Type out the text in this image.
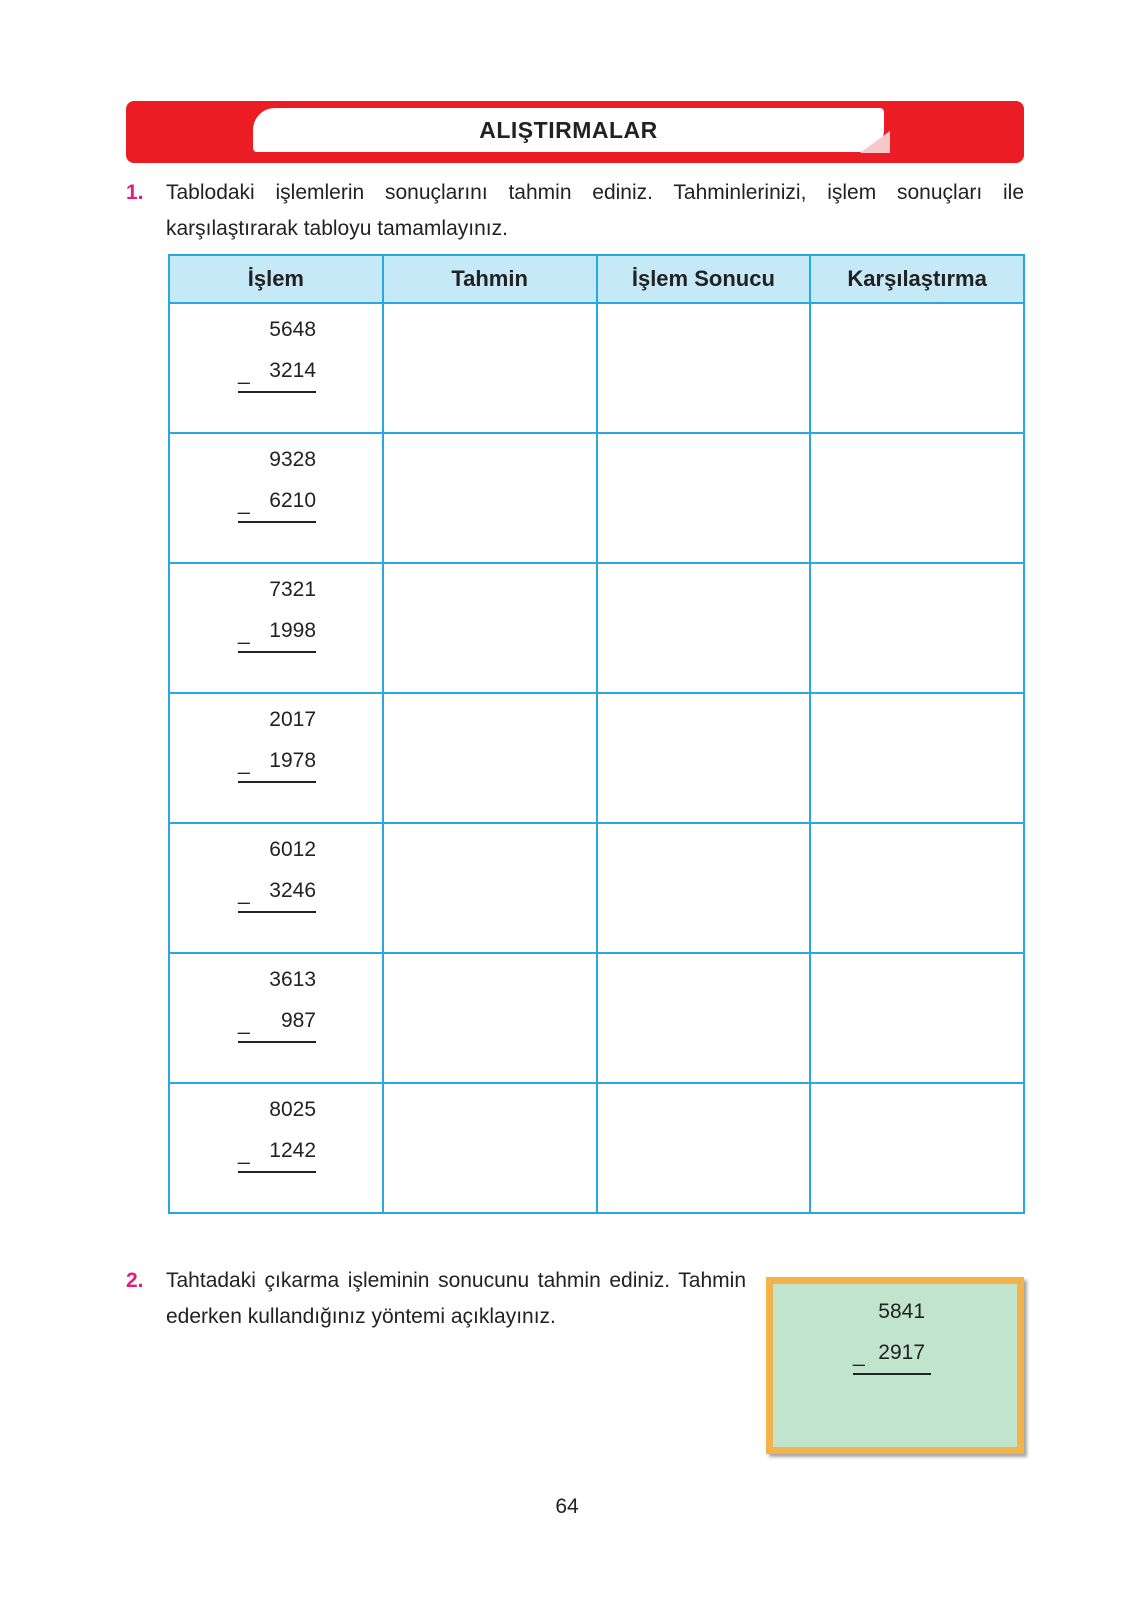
ALIŞTIRMALAR
1. Tablodaki işlemlerin sonuçlarını tahmin ediniz. Tahminlerinizi, işlem sonuçları ile karşılaştırarak tabloyu tamamlayınız.
İşlem	Tahmin	İşlem Sonucu	Karşılaştırma

5648
_ 3214			

9328
_ 6210			

7321
_ 1998			

2017
_ 1978			

6012
_ 3246			

3613
_ 987			

8025
_ 1242			

2. Tahtadaki çıkarma işleminin sonucunu tahmin ediniz. Tahmin ederken kullandığınız yöntemi açıklayınız.	5841
_ 2917
64
